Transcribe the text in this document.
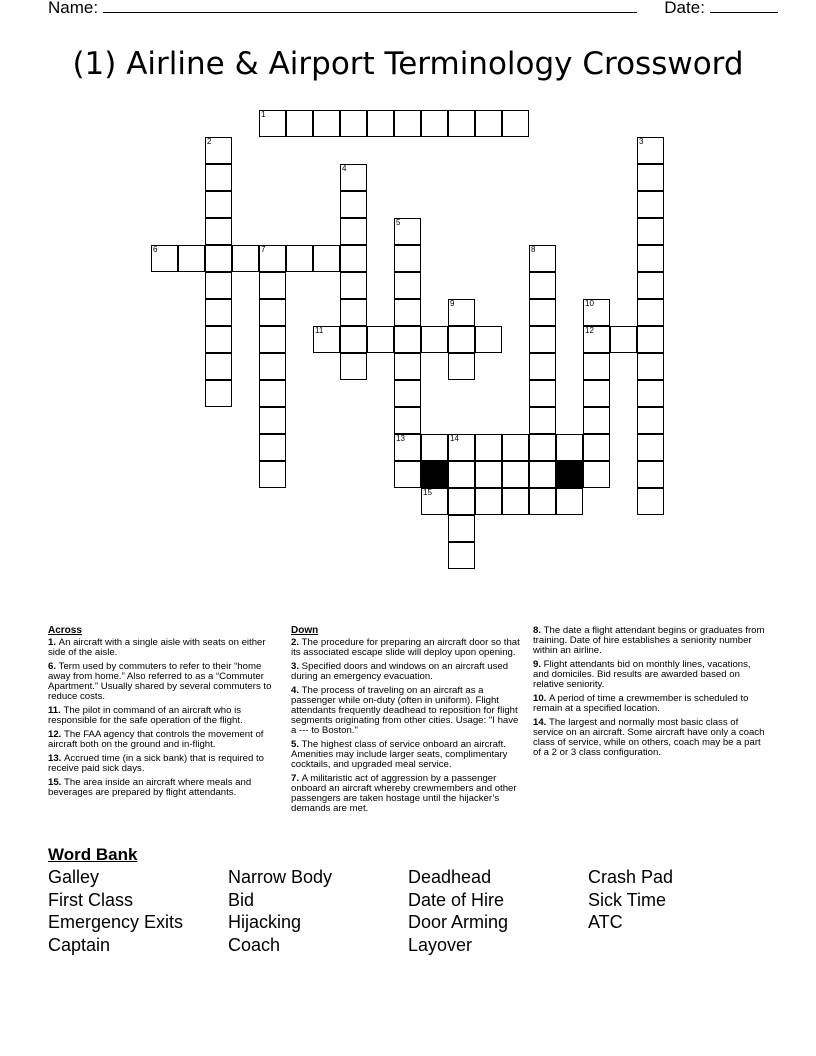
Name:	Date:
(1) Airline & Airport Terminology Crossword
1
2	3
4
5
6	7	8
9	10
11	12
13	14
15
Across
1. An aircraft with a single aisle with seats on either side of the aisle.
6. Term used by commuters to refer to their “home away from home.” Also referred to as a “Commuter Apartment.” Usually shared by several commuters to reduce costs.
11. The pilot in command of an aircraft who is responsible for the safe operation of the flight.
12. The FAA agency that controls the movement of aircraft both on the ground and in-flight.
13. Accrued time (in a sick bank) that is required to receive paid sick days.
15. The area inside an aircraft where meals and beverages are prepared by flight attendants.
Down
2. The procedure for preparing an aircraft door so that its associated escape slide will deploy upon opening.
3. Specified doors and windows on an aircraft used during an emergency evacuation.
4. The process of traveling on an aircraft as a passenger while on-duty (often in uniform). Flight attendants frequently deadhead to reposition for flight segments originating from other cities. Usage: "I have a --- to Boston."
5. The highest class of service onboard an aircraft. Amenities may include larger seats, complimentary cocktails, and upgraded meal service.
7. A militaristic act of aggression by a passenger onboard an aircraft whereby crewmembers and other passengers are taken hostage until the hijacker’s demands are met.
8. The date a flight attendant begins or graduates from training. Date of hire establishes a seniority number within an airline.
9. Flight attendants bid on monthly lines, vacations, and domiciles. Bid results are awarded based on relative seniority.
10. A period of time a crewmember is scheduled to remain at a specified location.
14. The largest and normally most basic class of service on an aircraft. Some aircraft have only a coach class of service, while on others, coach may be a part of a 2 or 3 class configuration.
Word Bank
Galley
First Class
Emergency Exits
Captain
Narrow Body
Bid
Hijacking
Coach
Deadhead
Date of Hire
Door Arming
Layover
Crash Pad
Sick Time
ATC
